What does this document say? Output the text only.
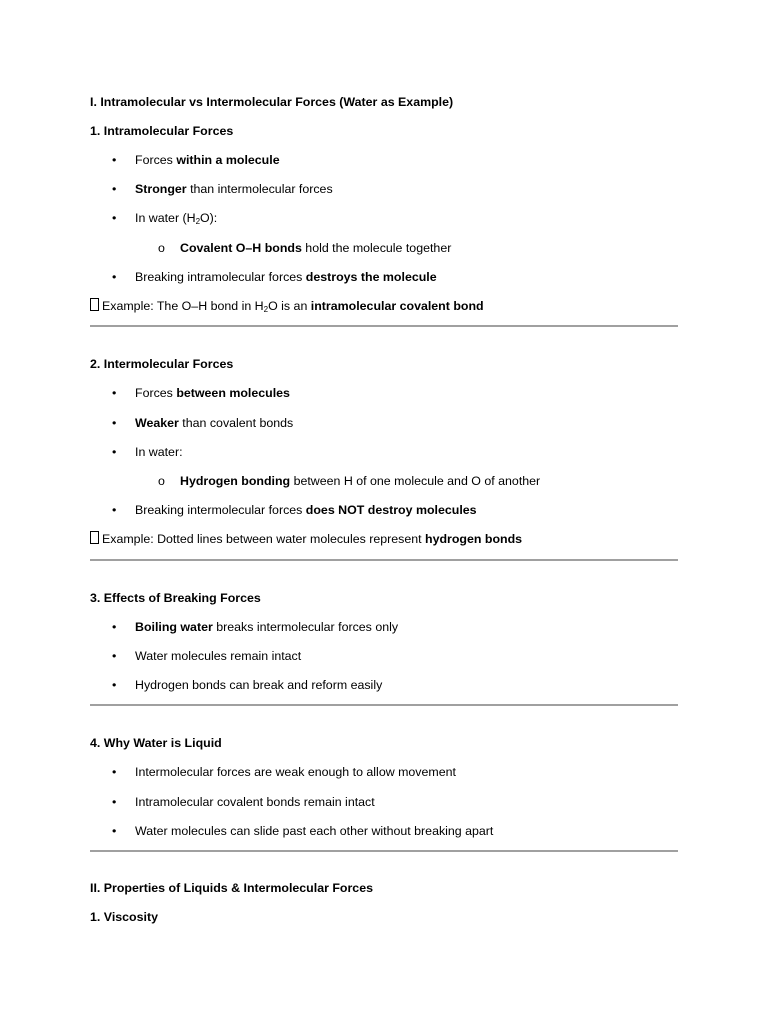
I. Intramolecular vs Intermolecular Forces (Water as Example)
1. Intramolecular Forces
•	Forces within a molecule
•	Stronger than intermolecular forces
•	In water $(H_2O)$:
o Covalent O–H bonds hold the molecule together
•	Breaking intramolecular forces destroys the molecule
Example: The O–H bond in $H_2O$ is an intramolecular covalent bond
2. Intermolecular Forces
•	Forces between molecules
•	Weaker than covalent bonds
•	In water:
o Hydrogen bonding between H of one molecule and O of another
•	Breaking intermolecular forces does NOT destroy molecules
Example: Dotted lines between water molecules represent hydrogen bonds
3. Effects of Breaking Forces
•	Boiling water breaks intermolecular forces only
•	Water molecules remain intact
•	Hydrogen bonds can break and reform easily
4. Why Water is Liquid
•	Intermolecular forces are weak enough to allow movement
•	Intramolecular covalent bonds remain intact
•	Water molecules can slide past each other without breaking apart
II. Properties of Liquids & Intermolecular Forces
1. Viscosity
